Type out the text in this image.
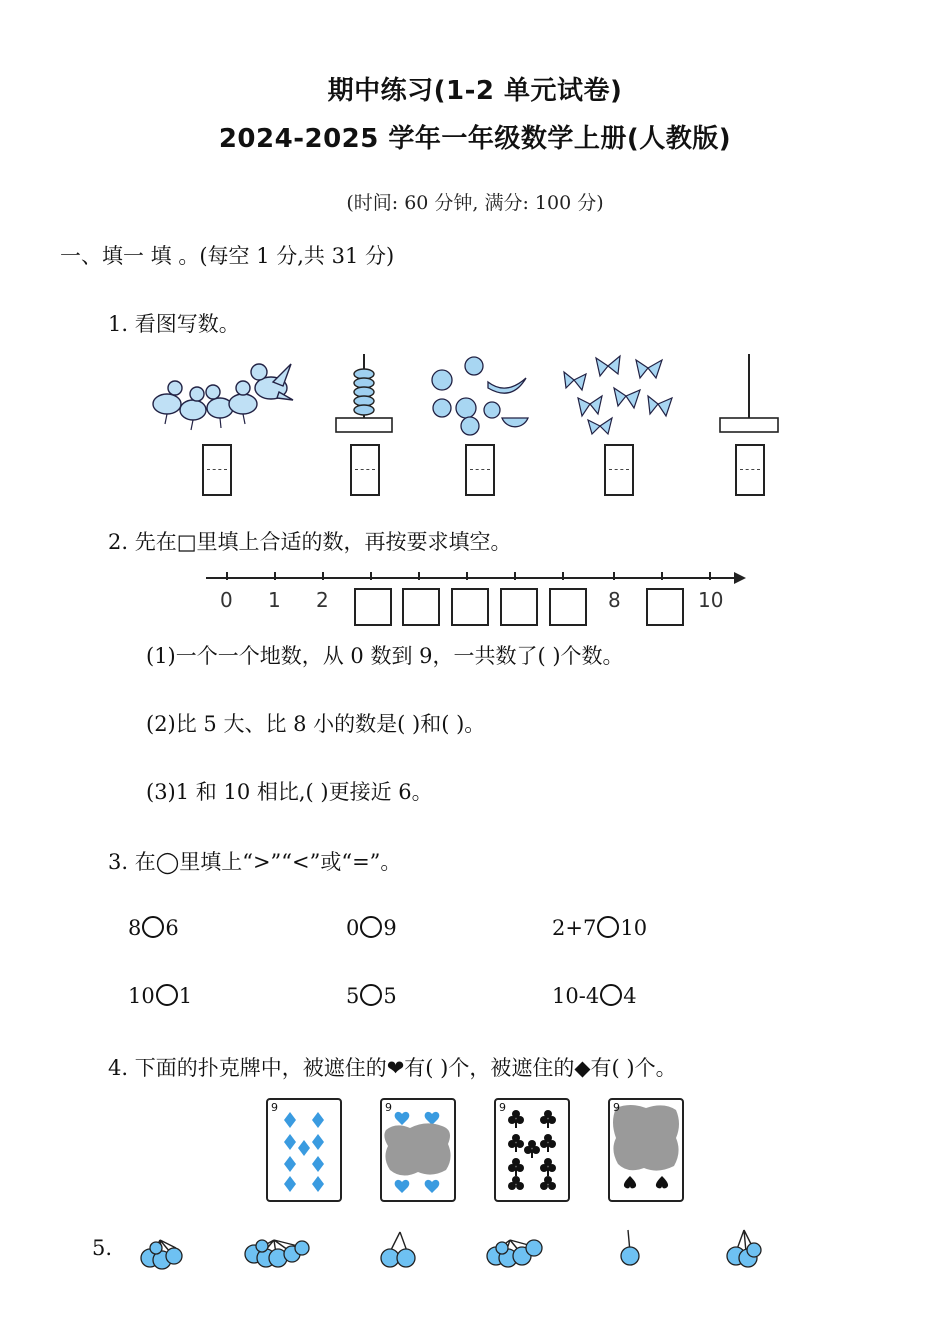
期中练习(1-2 单元试卷)
2024-2025 学年一年级数学上册(人教版)
(时间: 60 分钟, 满分: 100 分)
一、填一 填 。(每空 1 分,共 31 分)
1. 看图写数。
2. 先在□里填上合适的数，再按要求填空。
0 1 2	8	10
(1)一个一个地数，从 0 数到 9，一共数了( )个数。
(2)比 5 大、比 8 小的数是( )和( )。
(3)1 和 10 相比,( )更接近 6。
3. 在◯里填上“>”“<”或“=”。
8 6	0 9	2+7 10
10 1	5 5	10-4 4
4. 下面的扑克牌中，被遮住的❤有( )个，被遮住的◆有( )个。
9	9	9	9
5.
